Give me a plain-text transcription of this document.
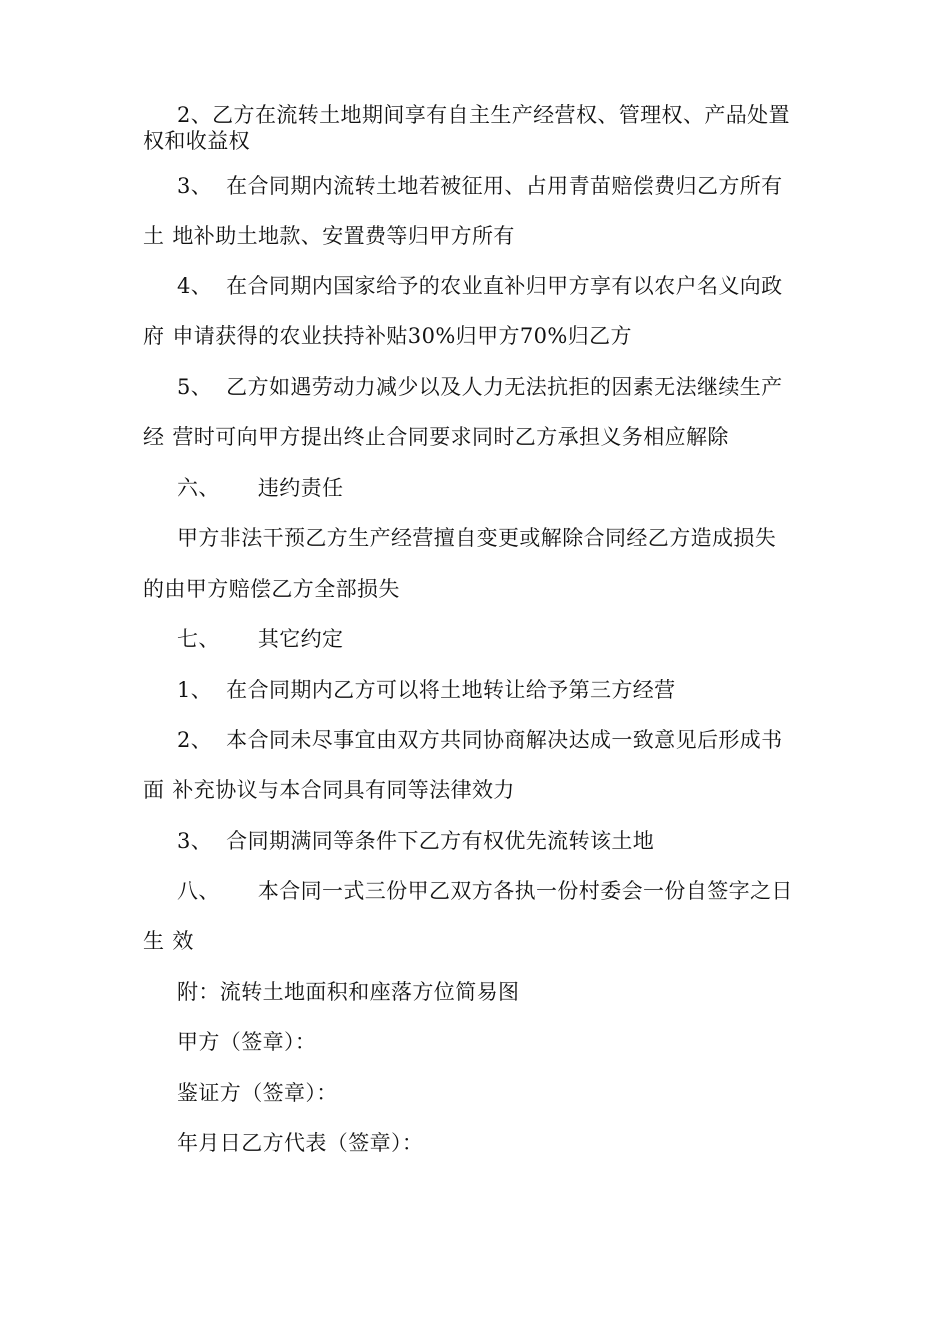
2、乙方在流转土地期间享有自主生产经营权、管理权、产品处置
权和收益权
3、 在合同期内流转土地若被征用、占用青苗赔偿费归乙方所有
土 地补助土地款、安置费等归甲方所有
4、 在合同期内国家给予的农业直补归甲方享有以农户名义向政
府 申请获得的农业扶持补贴30%归甲方70%归乙方
5、 乙方如遇劳动力减少以及人力无法抗拒的因素无法继续生产
经 营时可向甲方提出终止合同要求同时乙方承担义务相应解除
六、 违约责任
甲方非法干预乙方生产经营擅自变更或解除合同经乙方造成损失
的由甲方赔偿乙方全部损失
七、 其它约定
1、 在合同期内乙方可以将土地转让给予第三方经营
2、 本合同未尽事宜由双方共同协商解决达成一致意见后形成书
面 补充协议与本合同具有同等法律效力
3、 合同期满同等条件下乙方有权优先流转该土地
八、 本合同一式三份甲乙双方各执一份村委会一份自签字之日
生 效
附：流转土地面积和座落方位简易图
甲方（签章）：
鉴证方（签章）：
年月日乙方代表（签章）：
